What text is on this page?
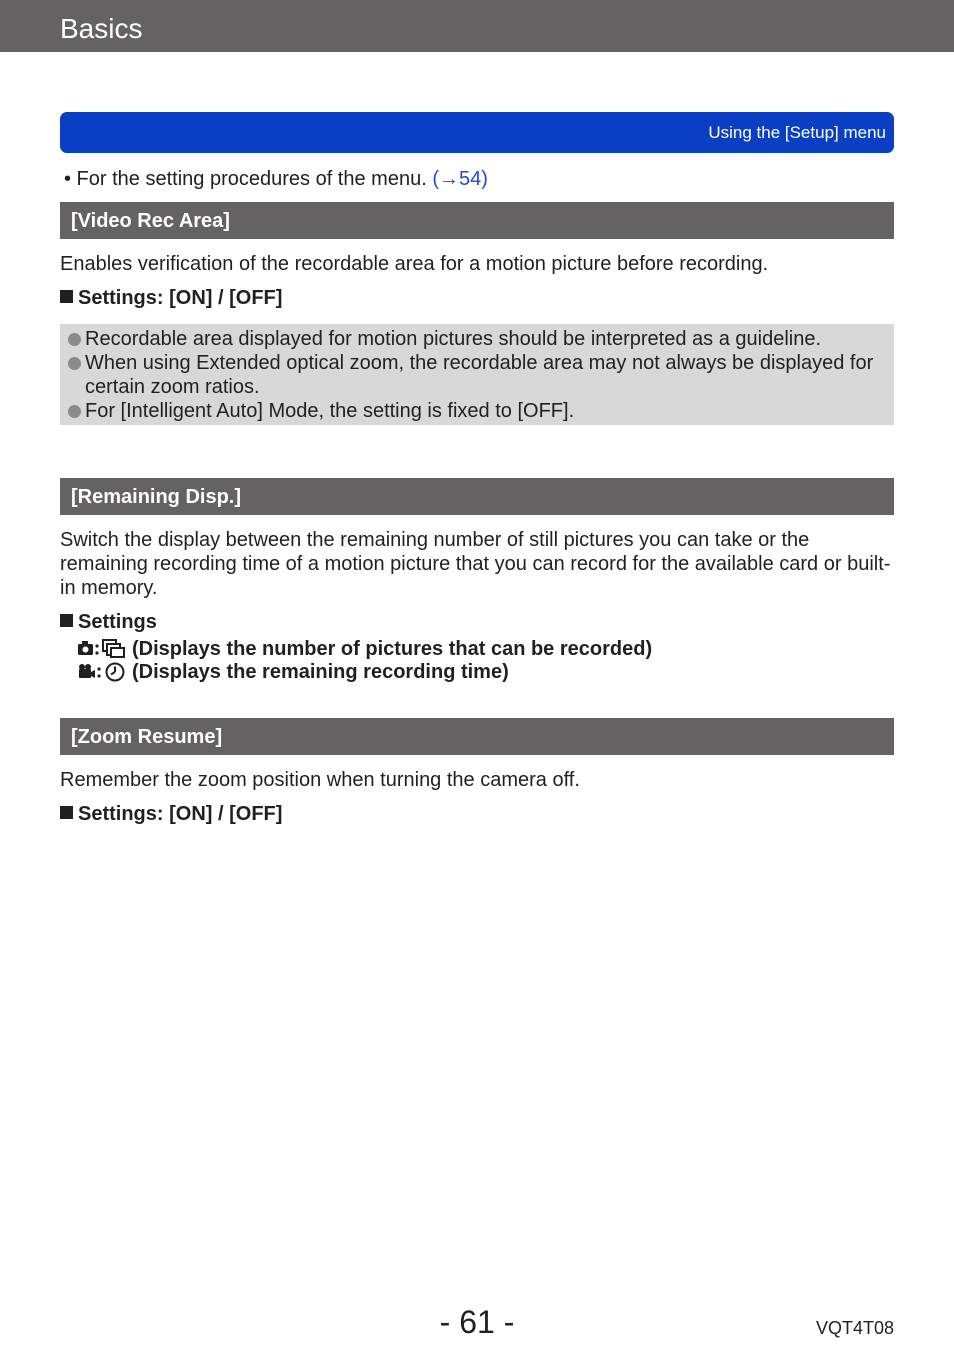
Basics
Using the [Setup] menu
• For the setting procedures of the menu. (→54)
[Video Rec Area]
Enables verification of the recordable area for a motion picture before recording.
Settings: [ON] / [OFF]
Recordable area displayed for motion pictures should be interpreted as a guideline.
When using Extended optical zoom, the recordable area may not always be displayed for certain zoom ratios.
For [Intelligent Auto] Mode, the setting is fixed to [OFF].
[Remaining Disp.]
Switch the display between the remaining number of still pictures you can take or the remaining recording time of a motion picture that you can record for the available card or built-in memory.
Settings
(Displays the number of pictures that can be recorded)
(Displays the remaining recording time)
[Zoom Resume]
Remember the zoom position when turning the camera off.
Settings: [ON] / [OFF]
- 61 -	VQT4T08
